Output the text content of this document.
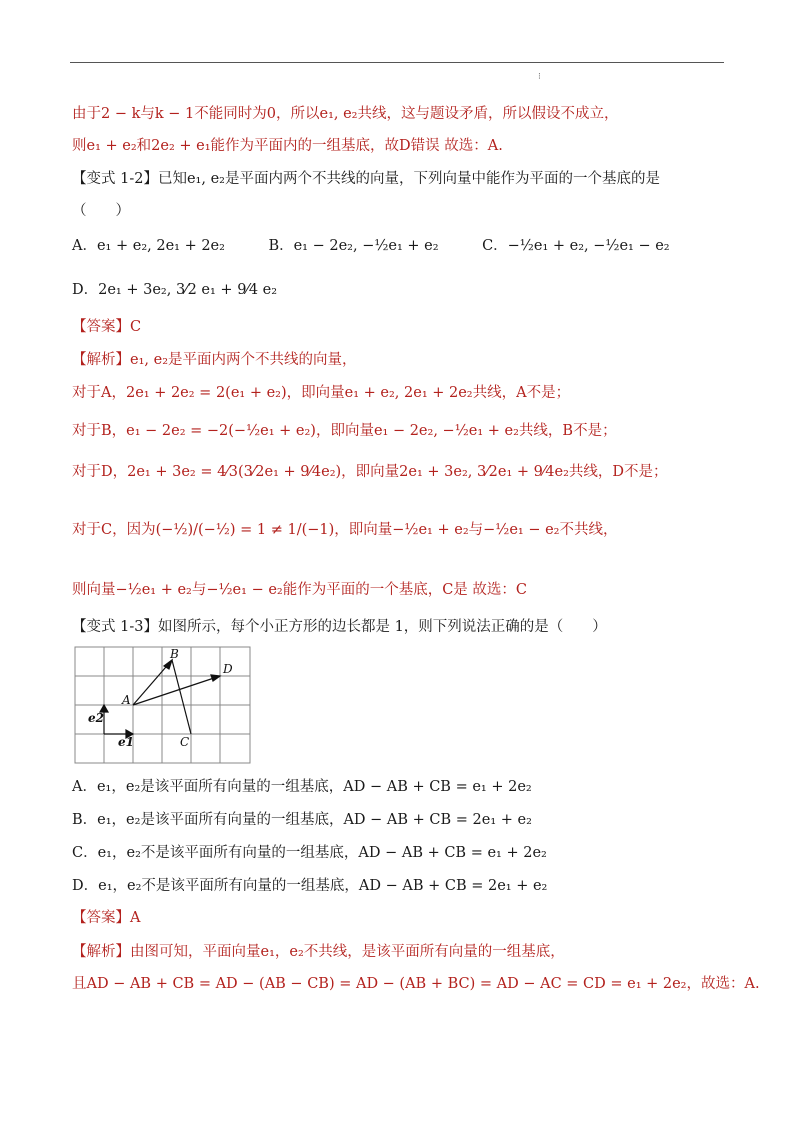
⁝
由于2 − k与k − 1不能同时为0，所以e₁, e₂共线，这与题设矛盾，所以假设不成立，
则e₁ + e₂和2e₂ + e₁能作为平面内的一组基底，故D错误 故选：A.
【变式 1-2】已知e₁, e₂是平面内两个不共线的向量，下列向量中能作为平面的一个基底的是
（　　）
A．e₁ + e₂, 2e₁ + 2e₂　　　B．e₁ − 2e₂, −½e₁ + e₂　　　C．−½e₁ + e₂, −½e₁ − e₂
D．2e₁ + 3e₂, 3⁄2 e₁ + 9⁄4 e₂
【答案】C
【解析】e₁, e₂是平面内两个不共线的向量，
对于A，2e₁ + 2e₂ = 2(e₁ + e₂)，即向量e₁ + e₂, 2e₁ + 2e₂共线，A不是；
对于B，e₁ − 2e₂ = −2(−½e₁ + e₂)，即向量e₁ − 2e₂, −½e₁ + e₂共线，B不是；
对于D，2e₁ + 3e₂ = 4⁄3(3⁄2e₁ + 9⁄4e₂)，即向量2e₁ + 3e₂, 3⁄2e₁ + 9⁄4e₂共线，D不是；
对于C，因为(−½)/(−½) = 1 ≠ 1/(−1)，即向量−½e₁ + e₂与−½e₁ − e₂不共线，
则向量−½e₁ + e₂与−½e₁ − e₂能作为平面的一个基底，C是 故选：C
【变式 1-3】如图所示，每个小正方形的边长都是 1，则下列说法正确的是（　　）
A
B
C
D
e1
e2
A．e₁，e₂是该平面所有向量的一组基底，AD − AB + CB = e₁ + 2e₂
B．e₁，e₂是该平面所有向量的一组基底，AD − AB + CB = 2e₁ + e₂
C．e₁，e₂不是该平面所有向量的一组基底，AD − AB + CB = e₁ + 2e₂
D．e₁，e₂不是该平面所有向量的一组基底，AD − AB + CB = 2e₁ + e₂
【答案】A
【解析】由图可知，平面向量e₁，e₂不共线，是该平面所有向量的一组基底，
且AD − AB + CB = AD − (AB − CB) = AD − (AB + BC) = AD − AC = CD = e₁ + 2e₂，故选：A.
